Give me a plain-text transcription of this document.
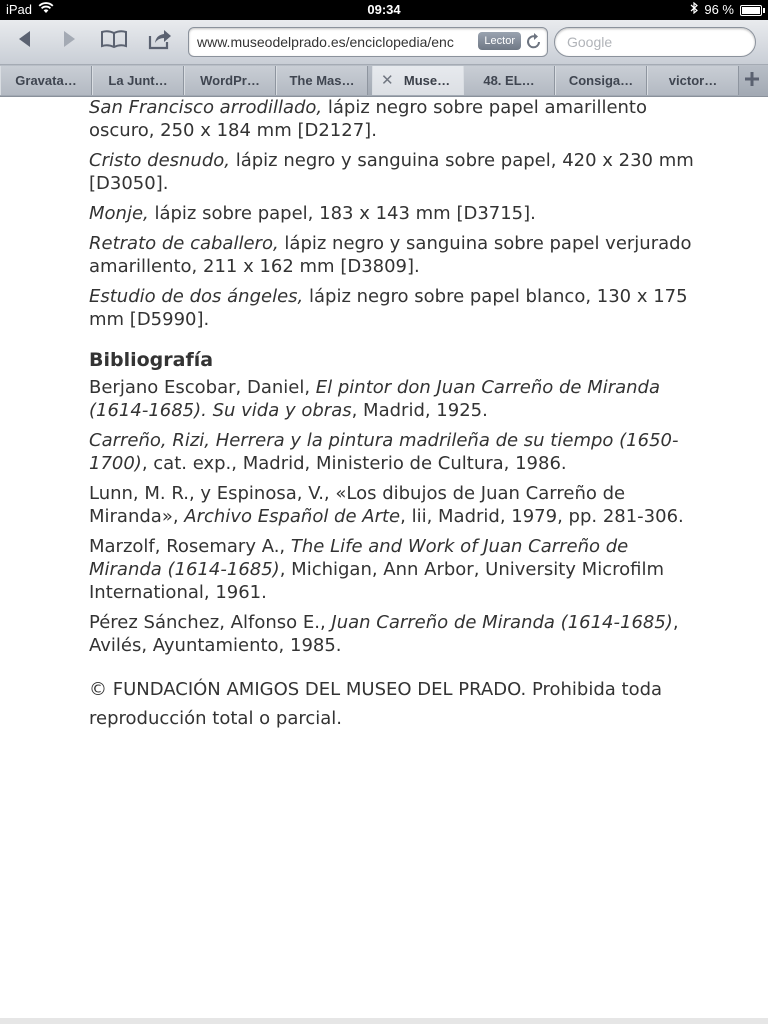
iPad	09:34	96 %
www.museodelprado.es/enciclopedia/enc	Lector	Google
Gravata…	La Junt…	WordPr…	The Mas…	✕ Muse…	48. EL…	Consiga…	victor…

San Francisco arrodillado, lápiz negro sobre papel amarillento oscuro, 250 x 184 mm [D2127].

Cristo desnudo, lápiz negro y sanguina sobre papel, 420 x 230 mm [D3050].

Monje, lápiz sobre papel, 183 x 143 mm [D3715].

Retrato de caballero, lápiz negro y sanguina sobre papel verjurado amarillento, 211 x 162 mm [D3809].

Estudio de dos ángeles, lápiz negro sobre papel blanco, 130 x 175 mm [D5990].

Bibliografía

Berjano Escobar, Daniel, El pintor don Juan Carreño de Miranda (1614-1685). Su vida y obras, Madrid, 1925.

Carreño, Rizi, Herrera y la pintura madrileña de su tiempo (1650-1700), cat. exp., Madrid, Ministerio de Cultura, 1986.

Lunn, M. R., y Espinosa, V., «Los dibujos de Juan Carreño de Miranda», Archivo Español de Arte, lii, Madrid, 1979, pp. 281-306.

Marzolf, Rosemary A., The Life and Work of Juan Carreño de Miranda (1614-1685), Michigan, Ann Arbor, University Microfilm International, 1961.

Pérez Sánchez, Alfonso E., Juan Carreño de Miranda (1614-1685), Avilés, Ayuntamiento, 1985.

© FUNDACIÓN AMIGOS DEL MUSEO DEL PRADO. Prohibida toda reproducción total o parcial.
